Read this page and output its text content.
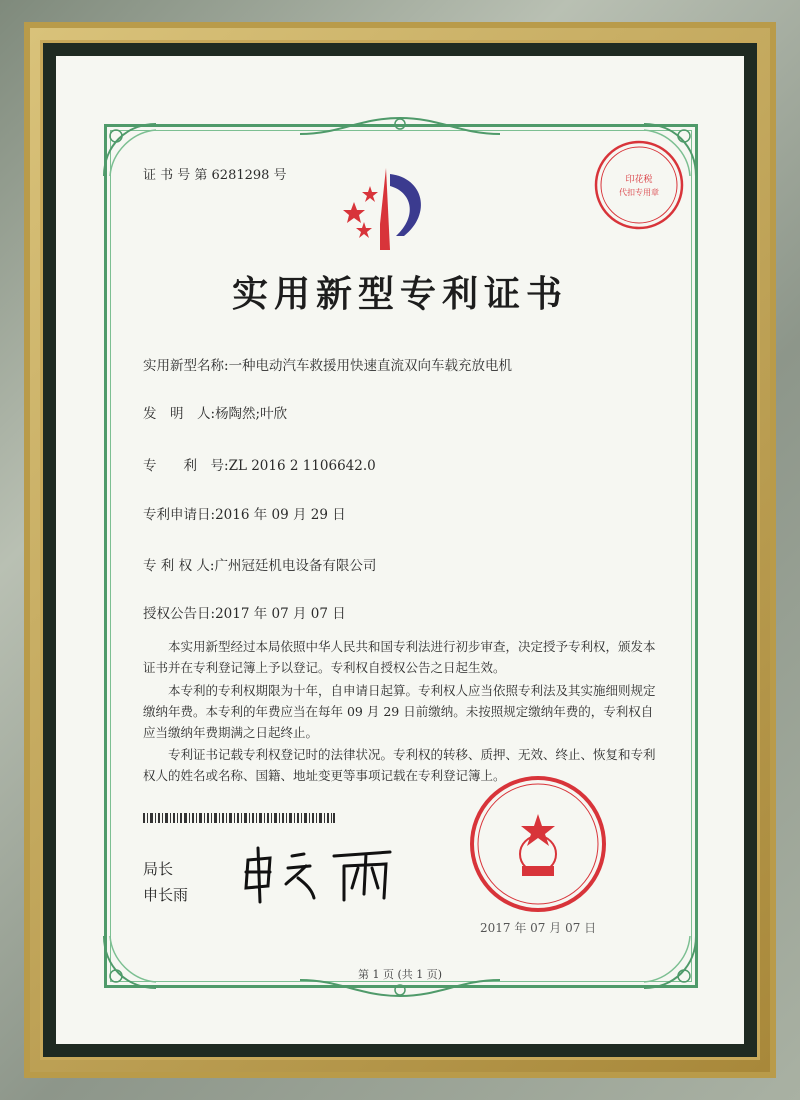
证 书 号 第 6281298 号	印花税
代扣专用章
实用新型专利证书
实用新型名称:一种电动汽车救援用快速直流双向车载充放电机
发　明　人:杨陶然;叶欣
专　　利　号:ZL 2016 2 1106642.0
专利申请日:2016 年 09 月 29 日
专 利 权 人:广州冠廷机电设备有限公司
授权公告日:2017 年 07 月 07 日
本实用新型经过本局依照中华人民共和国专利法进行初步审查，决定授予专利权，颁发本证书并在专利登记簿上予以登记。专利权自授权公告之日起生效。
本专利的专利权期限为十年，自申请日起算。专利权人应当依照专利法及其实施细则规定缴纳年费。本专利的年费应当在每年 09 月 29 日前缴纳。未按照规定缴纳年费的，专利权自应当缴纳年费期满之日起终止。
专利证书记载专利权登记时的法律状况。专利权的转移、质押、无效、终止、恢复和专利权人的姓名或名称、国籍、地址变更等事项记载在专利登记簿上。
局长
申长雨
2017 年 07 月 07 日
第 1 页 (共 1 页)
